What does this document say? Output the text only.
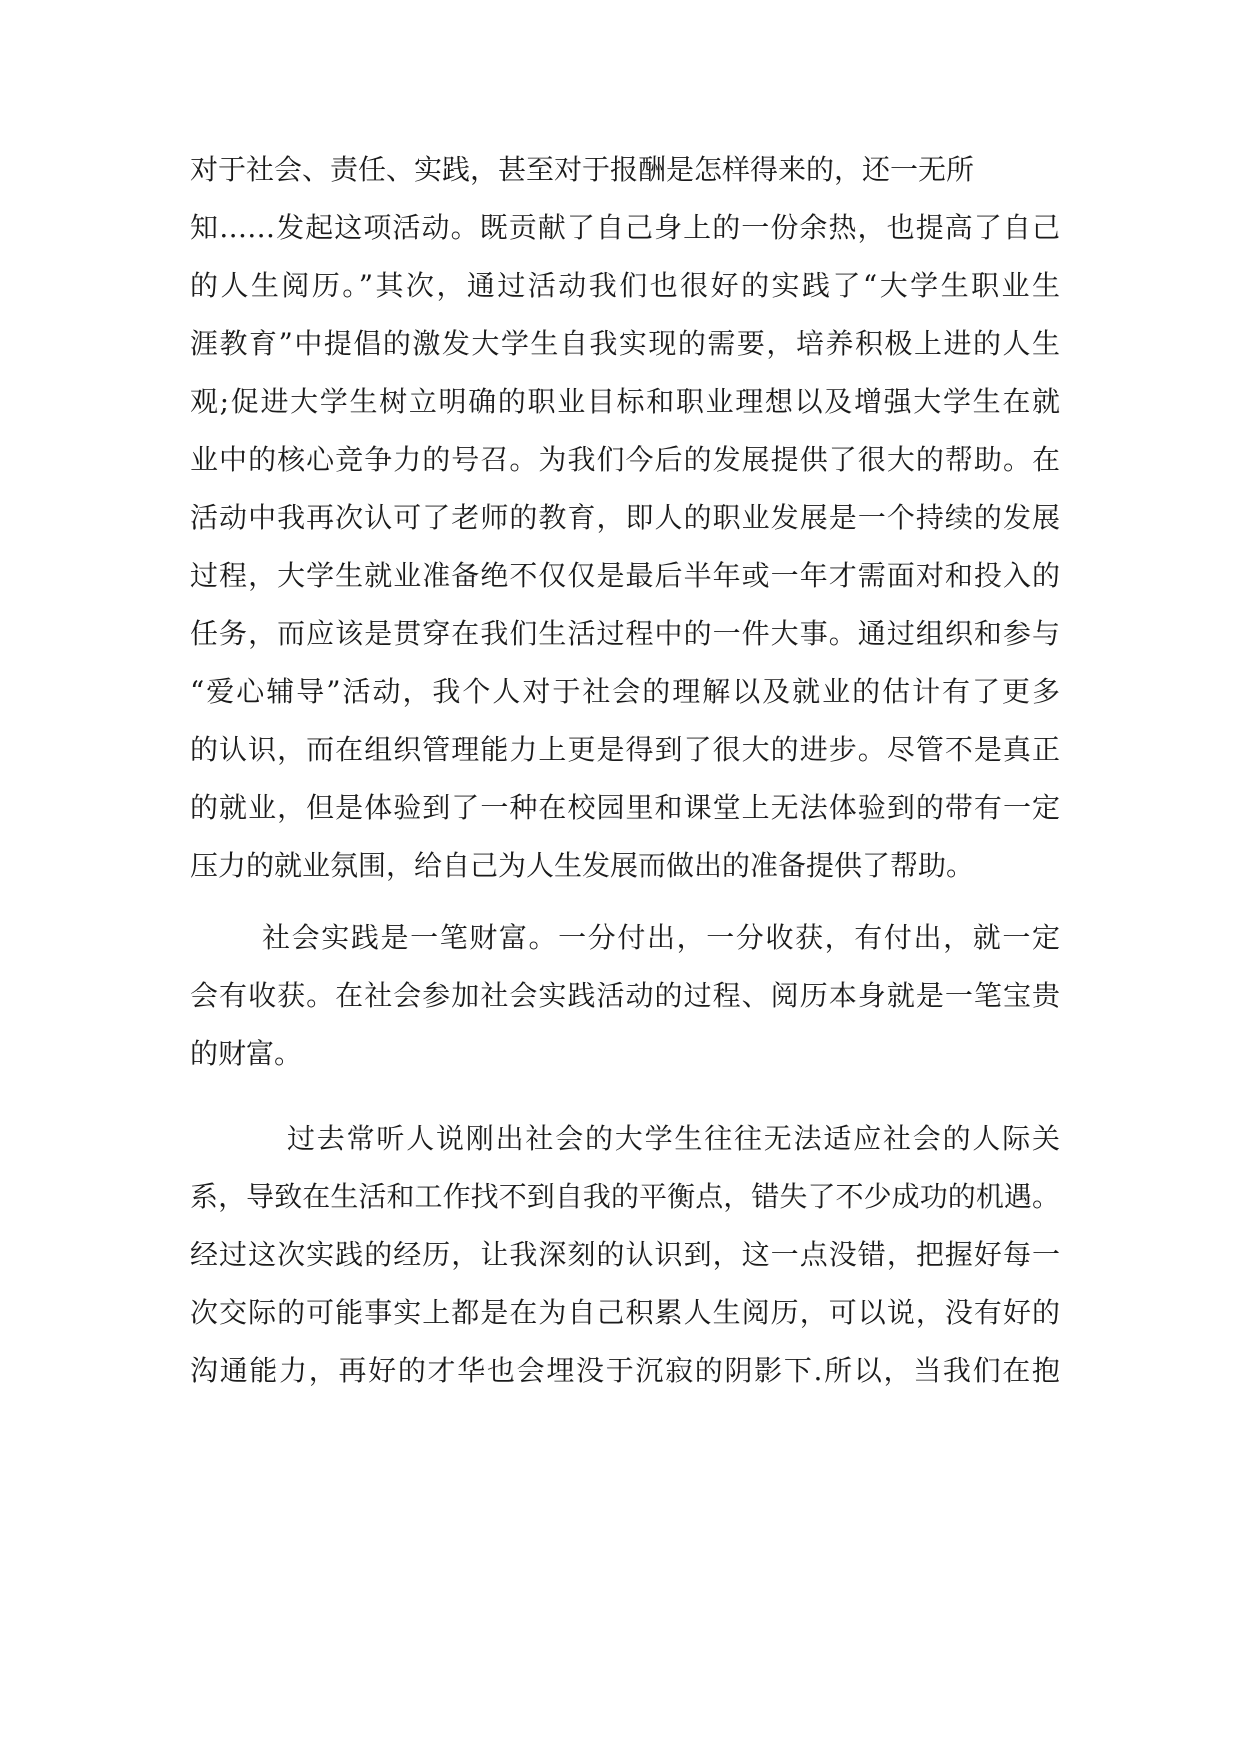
对于社会、责任、实践，甚至对于报酬是怎样得来的，还一无所

知……发起这项活动。既贡献了自己身上的一份余热，也提高了自己

的人生阅历。”其次，通过活动我们也很好的实践了“大学生职业生

涯教育”中提倡的激发大学生自我实现的需要，培养积极上进的人生

观;促进大学生树立明确的职业目标和职业理想以及增强大学生在就

业中的核心竞争力的号召。为我们今后的发展提供了很大的帮助。在

活动中我再次认可了老师的教育，即人的职业发展是一个持续的发展

过程，大学生就业准备绝不仅仅是最后半年或一年才需面对和投入的

任务，而应该是贯穿在我们生活过程中的一件大事。通过组织和参与

“爱心辅导”活动，我个人对于社会的理解以及就业的估计有了更多

的认识，而在组织管理能力上更是得到了很大的进步。尽管不是真正

的就业，但是体验到了一种在校园里和课堂上无法体验到的带有一定

压力的就业氛围，给自己为人生发展而做出的准备提供了帮助。

社会实践是一笔财富。一分付出，一分收获，有付出，就一定

会有收获。在社会参加社会实践活动的过程、阅历本身就是一笔宝贵

的财富。

过去常听人说刚出社会的大学生往往无法适应社会的人际关

系，导致在生活和工作找不到自我的平衡点，错失了不少成功的机遇。

经过这次实践的经历，让我深刻的认识到，这一点没错，把握好每一

次交际的可能事实上都是在为自己积累人生阅历，可以说，没有好的

沟通能力，再好的才华也会埋没于沉寂的阴影下.所以，当我们在抱
